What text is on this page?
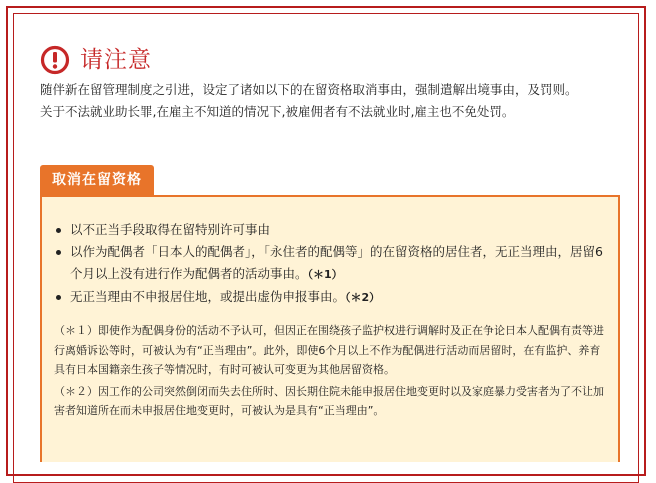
请注意

随伴新在留管理制度之引进，设定了诸如以下的在留资格取消事由，强制遣解出境事由，及罚则。

关于不法就业助长罪,在雇主不知道的情况下,被雇佣者有不法就业时,雇主也不免处罚。

取消在留资格
以不正当手段取得在留特别许可事由
以作为配偶者「日本人的配偶者」，「永住者的配偶等」的在留资格的居住者，无正当理由，居留6个月以上没有进行作为配偶者的活动事由。（＊1）
无正当理由不申报居住地，或提出虚伪申报事由。（＊2）

（＊１）即使作为配偶身份的活动不予认可，但因正在围绕孩子监护权进行调解时及正在争论日本人配偶有责等进行离婚诉讼等时，可被认为有“正当理由”。此外，即使6个月以上不作为配偶进行活动而居留时，在有监护、养育具有日本国籍亲生孩子等情况时，有时可被认可变更为其他居留资格。

（＊２）因工作的公司突然倒闭而失去住所时、因长期住院未能申报居住地变更时以及家庭暴力受害者为了不让加害者知道所在而未申报居住地变更时，可被认为是具有“正当理由”。
